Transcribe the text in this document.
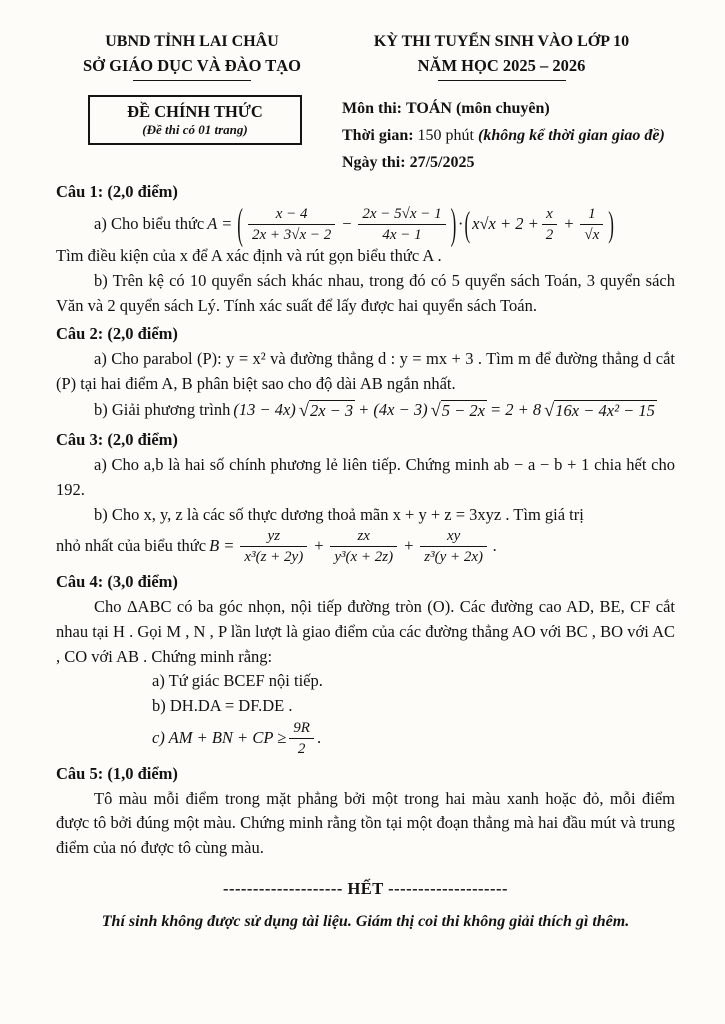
UBND TỈNH LAI CHÂU
SỞ GIÁO DỤC VÀ ĐÀO TẠO
KỲ THI TUYỂN SINH VÀO LỚP 10
NĂM HỌC 2025 – 2026
ĐỀ CHÍNH THỨC
(Đề thi có 01 trang)
Môn thi: TOÁN (môn chuyên)
Thời gian: 150 phút (không kể thời gian giao đề)
Ngày thi: 27/5/2025
Câu 1: (2,0 điểm)
a) Cho biểu thức A = ( $\frac{x - 4}{2x + 3√x - 2} - \frac{2x - 5√x - 1}{4x - 1}$ ) · ( $x√x + 2 + \frac{x}{2} + \frac{1}{√x}$ )
Tìm điều kiện của x để A xác định và rút gọn biểu thức A .
b) Trên kệ có 10 quyển sách khác nhau, trong đó có 5 quyển sách Toán, 3 quyển sách Văn và 2 quyển sách Lý. Tính xác suất để lấy được hai quyển sách Toán.
Câu 2: (2,0 điểm)
a) Cho parabol (P): y = x² và đường thẳng d : y = mx + 3 . Tìm m để đường thẳng d cắt (P) tại hai điểm A, B phân biệt sao cho độ dài AB ngắn nhất.
b) Giải phương trình (13 − 4x) √ 2x − 3 + (4x − 3) √ 5 − 2x = 2 + 8 √ 16x − 4x² − 15
Câu 3: (2,0 điểm)
a) Cho a,b là hai số chính phương lẻ liên tiếp. Chứng minh ab − a − b + 1 chia hết cho 192.
b) Cho x, y, z là các số thực dương thoả mãn x + y + z = 3xyz . Tìm giá trị
nhỏ nhất của biểu thức $B = \frac{yz}{\text{x³(z + 2y)}} + \frac{zx}{\text{y³(x + 2z)}} + \frac{xy}{\text{z³(y + 2x)}}$ .
Câu 4: (3,0 điểm)
Cho ΔABC có ba góc nhọn, nội tiếp đường tròn (O). Các đường cao AD, BE, CF cắt nhau tại H . Gọi M , N , P lần lượt là giao điểm của các đường thẳng AO với BC , BO với AC , CO với AB . Chứng minh rằng:
a) Tứ giác BCEF nội tiếp.
b) DH.DA = DF.DE .
c) AM + BN + CP ≥ $\frac{9R}{2}$ .
Câu 5: (1,0 điểm)
Tô màu mỗi điểm trong mặt phẳng bởi một trong hai màu xanh hoặc đỏ, mỗi điểm được tô bởi đúng một màu. Chứng minh rằng tồn tại một đoạn thẳng mà hai đầu mút và trung điểm của nó được tô cùng màu.
-------------------- HẾT --------------------
Thí sinh không được sử dụng tài liệu. Giám thị coi thi không giải thích gì thêm.
